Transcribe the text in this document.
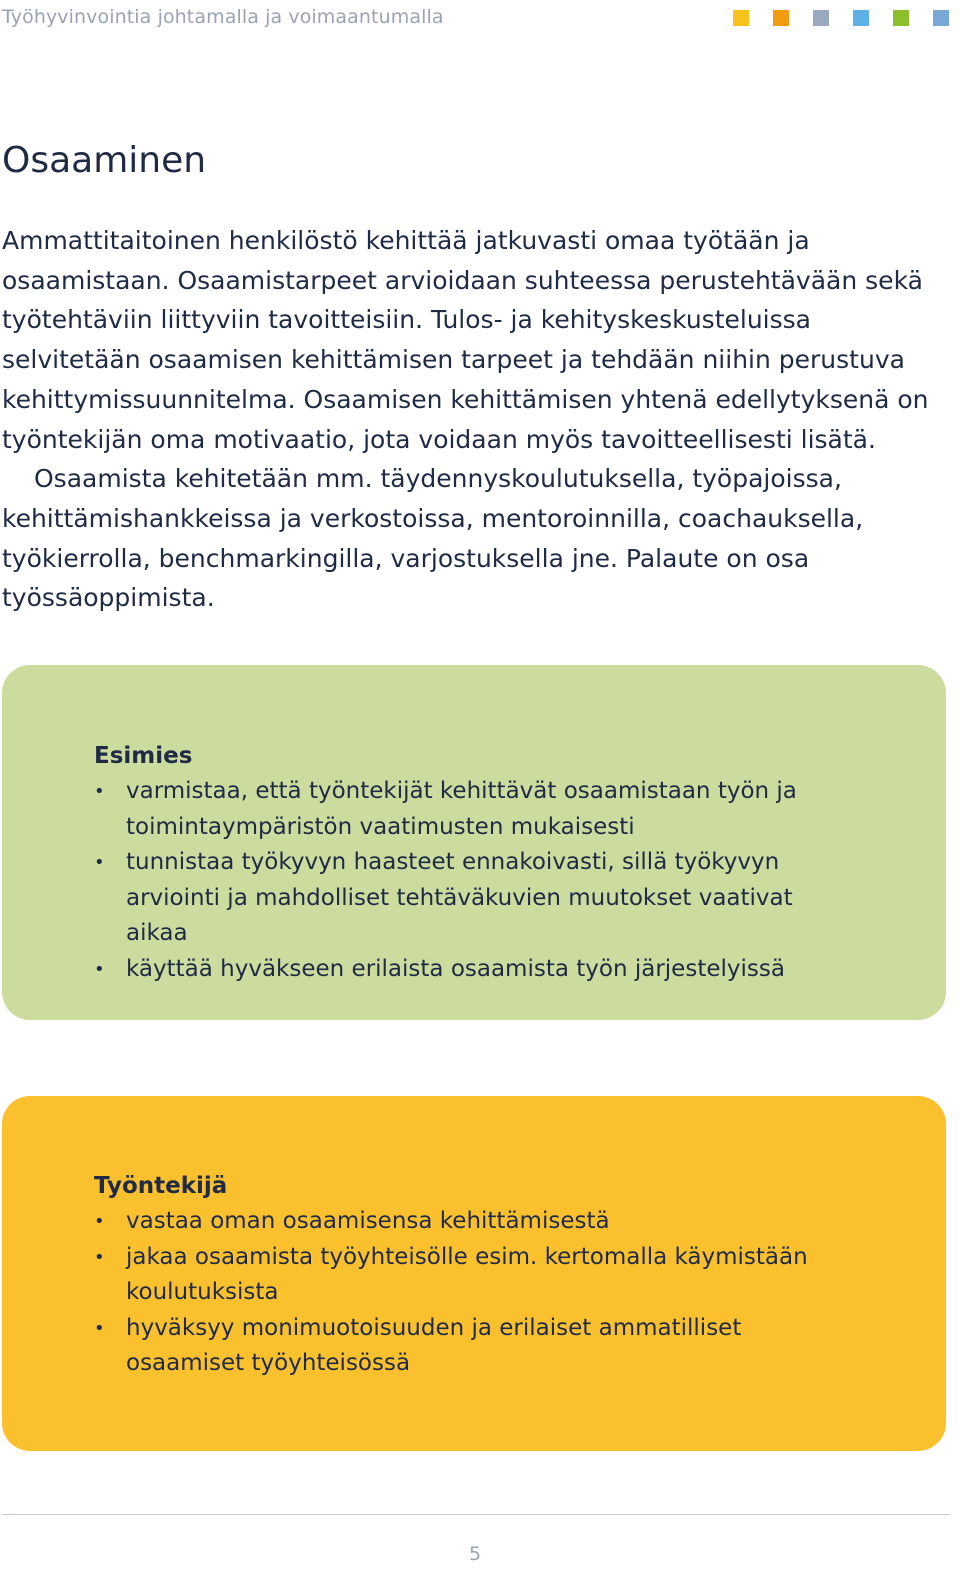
Työhyvinvointia johtamalla ja voimaantumalla
Osaaminen

Ammattitaitoinen henkilöstö kehittää jatkuvasti omaa työtään ja osaamistaan. Osaamistarpeet arvioidaan suhteessa perustehtävään sekä työtehtäviin liittyviin tavoitteisiin. Tulos- ja kehityskeskusteluissa selvitetään osaamisen kehittämisen tarpeet ja tehdään niihin perustuva kehittymissuunnitelma. Osaamisen kehittämisen yhtenä edellytyksenä on työntekijän oma motivaatio, jota voidaan myös tavoitteellisesti lisätä.

Osaamista kehitetään mm. täydennyskoulutuksella, työpajoissa, kehittämishankkeissa ja verkostoissa, mentoroinnilla, coachauksella, työkierrolla, benchmarkingilla, varjostuksella jne. Palaute on osa työssäoppimista.

Esimies
• varmistaa, että työntekijät kehittävät osaamistaan työn ja toimintaympäristön vaatimusten mukaisesti
• tunnistaa työkyvyn haasteet ennakoivasti, sillä työkyvyn arviointi ja mahdolliset tehtäväkuvien muutokset vaativat aikaa
• käyttää hyväkseen erilaista osaamista työn järjestelyissä
Työntekijä
• vastaa oman osaamisensa kehittämisestä
• jakaa osaamista työyhteisölle esim. kertomalla käymistään koulutuksista
• hyväksyy monimuotoisuuden ja erilaiset ammatilliset osaamiset työyhteisössä
5
